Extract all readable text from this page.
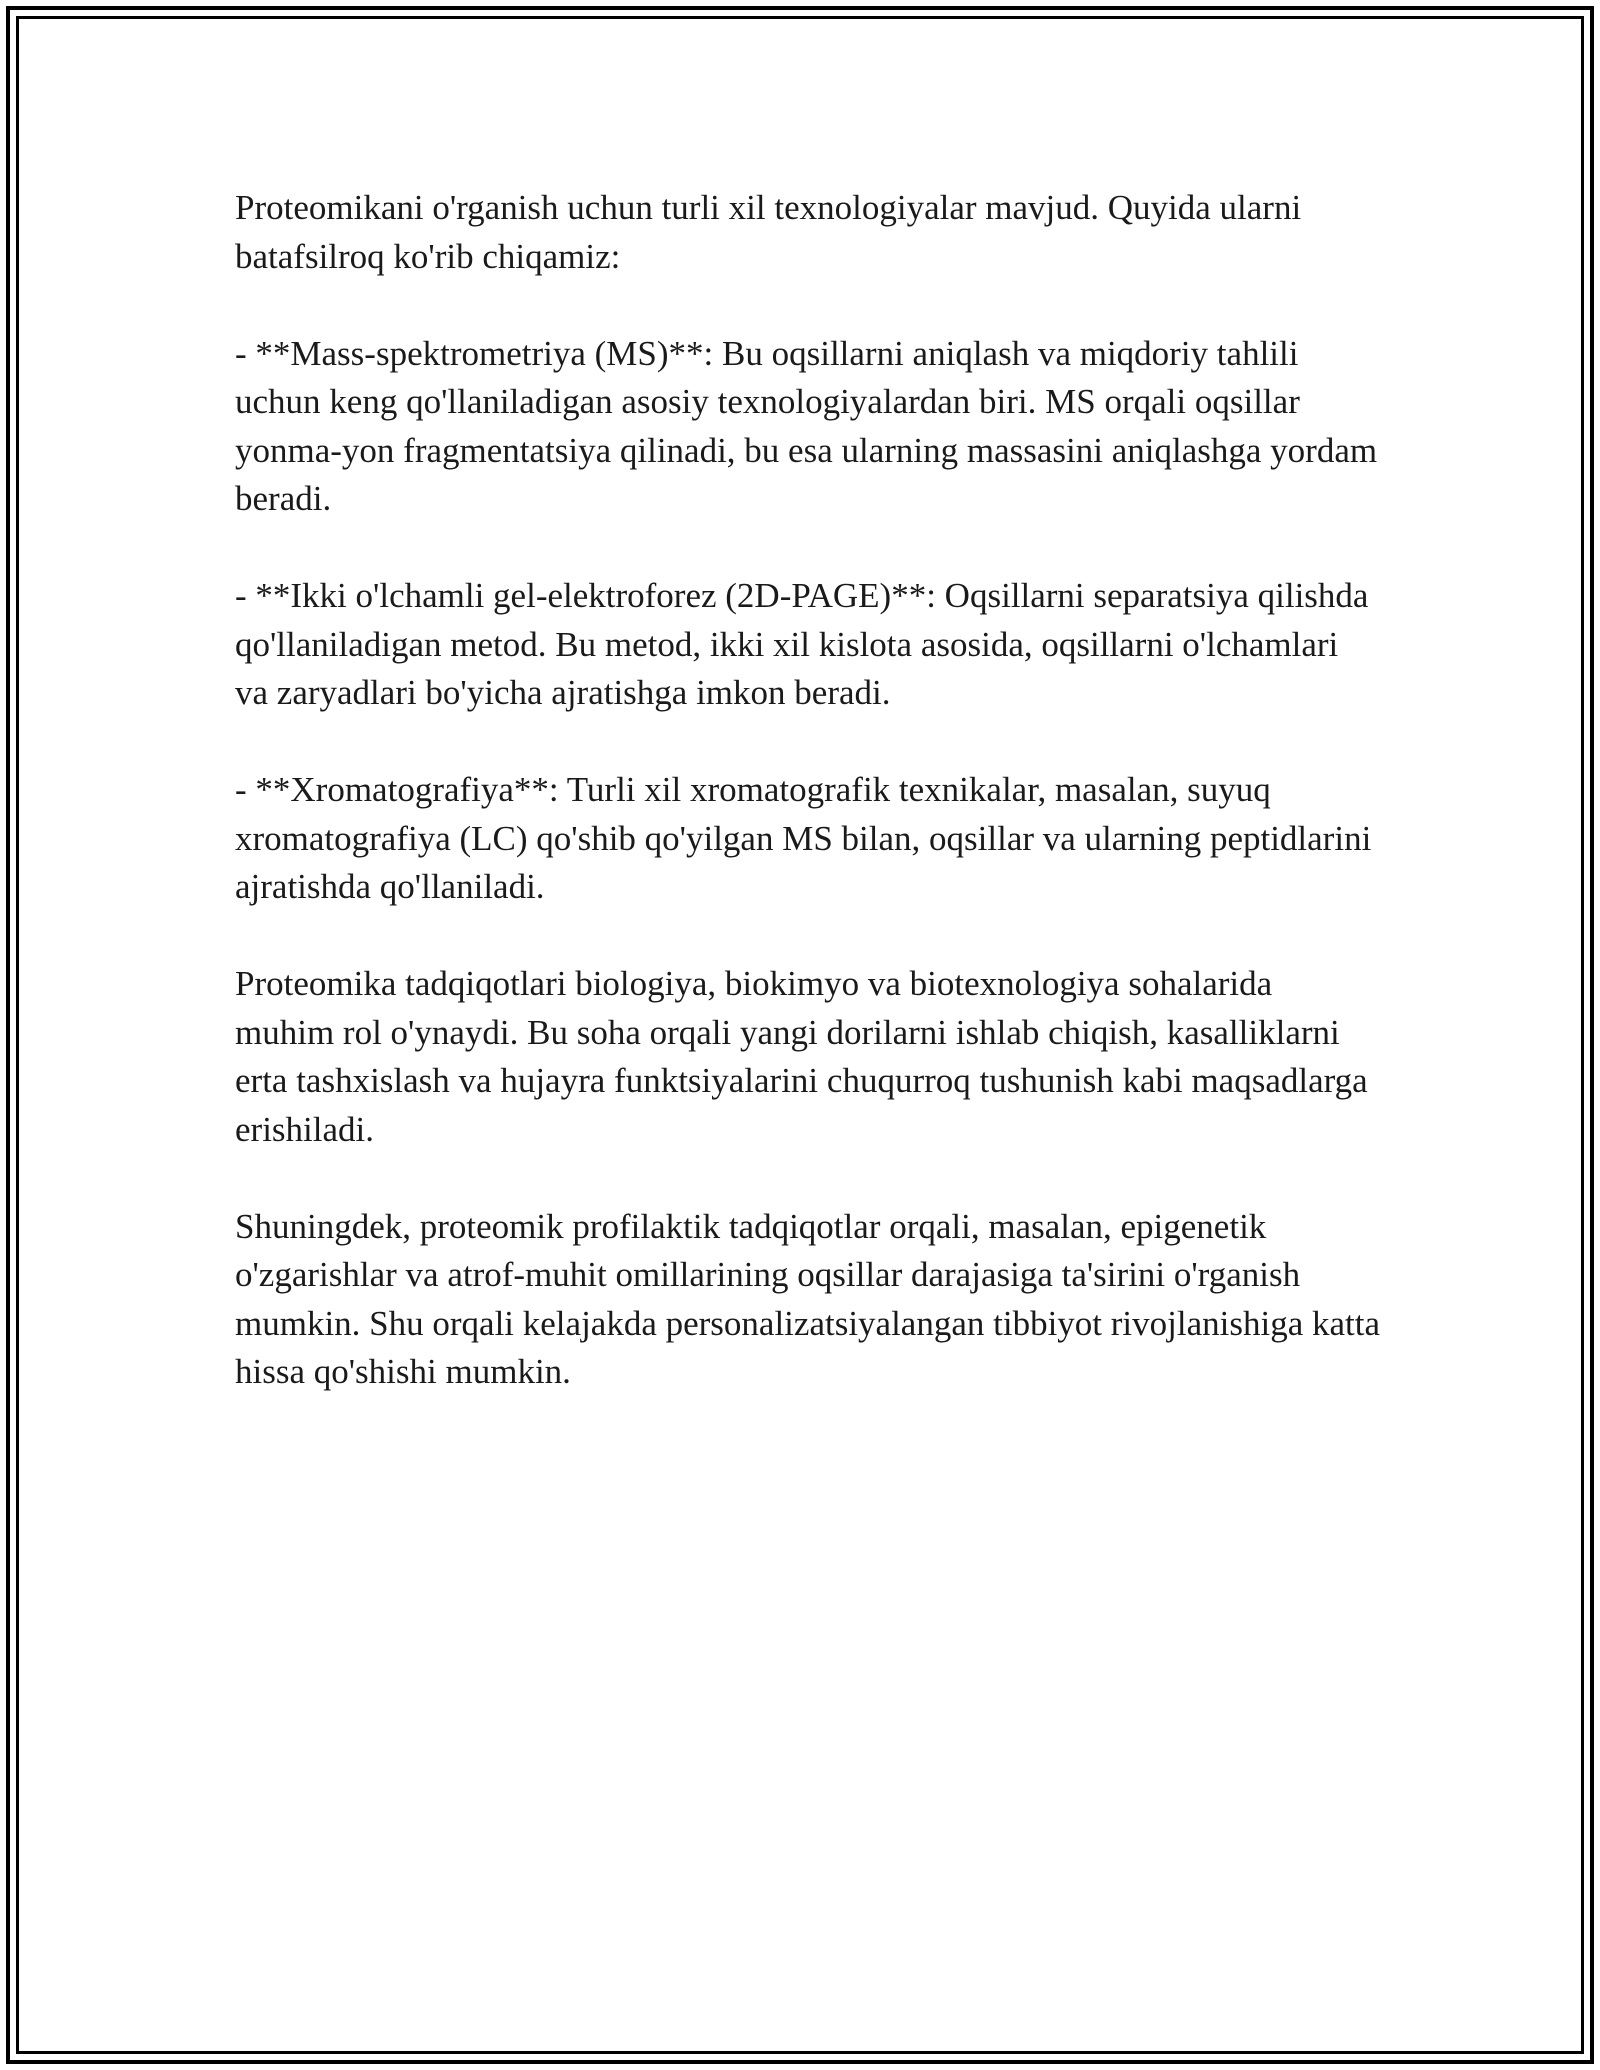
Proteomikani o'rganish uchun turli xil texnologiyalar mavjud. Quyida ularni batafsilroq ko'rib chiqamiz:

- **Mass-spektrometriya (MS)**: Bu oqsillarni aniqlash va miqdoriy tahlili uchun keng qo'llaniladigan asosiy texnologiyalardan biri. MS orqali oqsillar yonma-yon fragmentatsiya qilinadi, bu esa ularning massasini aniqlashga yordam beradi.

- **Ikki o'lchamli gel-elektroforez (2D-PAGE)**: Oqsillarni separatsiya qilishda qo'llaniladigan metod. Bu metod, ikki xil kislota asosida, oqsillarni o'lchamlari va zaryadlari bo'yicha ajratishga imkon beradi.

- **Xromatografiya**: Turli xil xromatografik texnikalar, masalan, suyuq xromatografiya (LC) qo'shib qo'yilgan MS bilan, oqsillar va ularning peptidlarini ajratishda qo'llaniladi.

Proteomika tadqiqotlari biologiya, biokimyo va biotexnologiya sohalarida muhim rol o'ynaydi. Bu soha orqali yangi dorilarni ishlab chiqish, kasalliklarni erta tashxislash va hujayra funktsiyalarini chuqurroq tushunish kabi maqsadlarga erishiladi.

Shuningdek, proteomik profilaktik tadqiqotlar orqali, masalan, epigenetik o'zgarishlar va atrof-muhit omillarining oqsillar darajasiga ta'sirini o'rganish mumkin. Shu orqali kelajakda personalizatsiyalangan tibbiyot rivojlanishiga katta hissa qo'shishi mumkin.
